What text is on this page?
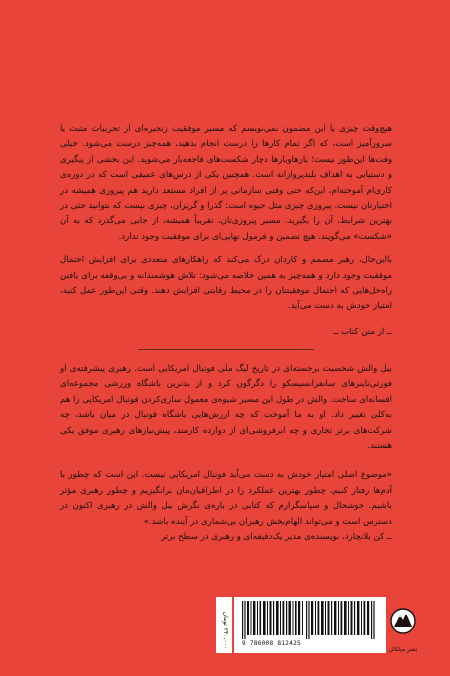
هیچ‌وقت چیزی با این مضمون نمی‌نویسم که مسیر موفقیت زنجیره‌ای از تجربیات مثبت یا سرورآمیز است، که اگر تمام کارها را درست انجام بدهید، همه‌چیز درست می‌شود. خیلی وقت‌ها این‌طور نیست؛ بارها‌وبارها دچار شکست‌های فاجعه‌بار می‌شوید. این بخشی از پیگیری و دستیابی به اهداف بلندپروازانه است. همچنین یکی از درس‌های عمیقی است که در دوره‌ی کاری‌ام آموخته‌ام، این‌که حتی وقتی سازمانی پر از افراد مستعد دارید هم پیروزی همیشه در اختیارتان نیست. پیروزی چیزی مثل جیوه است: گذرا و گریزان، چیزی نیست که بتوانید حتی در بهترین شرایط، آن را بگیرید. مسیر پیروزی‌تان، تقریباً همیشه، از جایی می‌گذرد که به آن «شکست» می‌گویند. هیچ تضمین و فرمول نهایی‌ای برای موفقیت وجود ندارد.

بااین‌حال، رهبر مصمم و کاردان درک می‌کند که راهکارهای متعددی برای افزایش احتمال موفقیت وجود دارد و همه‌چیز به همین خلاصه می‌شود: تلاش هوشمندانه و بی‌وقفه برای یافتن راه‌حل‌هایی که احتمال موفقیتتان را در محیط رقابتی افزایش دهند. وقتی این‌طور عمل کنید، امتیاز خودش به دست می‌آید.

ــ از متن کتاب ــ

بیل والش شخصیت برجسته‌ای در تاریخ لیگ ملی فوتبال امریکایی است. رهبری پیشرفته‌ی او فورتی‌ناینرهای سانفرانسیسکو را دگرگون کرد و از بدترین باشگاه ورزشی مجموعه‌ای افسانه‌ای ساخت. والش در طول این مسیر شیوه‌ی معمول سازی‌کردن فوتبال امریکایی را هم به‌کلی تغییر داد. او به ما آموخت که چه ارزش‌هایی باشگاه فوتبال در میان باشد، چه شرکت‌های برتر تجاری و چه ابرفروشی‌ای از دوازده کارمند، پیش‌نیازهای رهبری موفق یکی هستند.

«موضوع اصلی امتیاز خودش به دست می‌آید فوتبال امریکایی نیست. این است که چطور با آدم‌ها رفتار کنیم، چطور بهترین عملکرد را در اطرافیان‌مان برانگیزیم و چطور رهبری مؤثر باشیم. خوشحال و سپاسگزارم که کتابی در باره‌ی نگرش بیل والش در رهبری اکنون در دسترس است و می‌تواند الهام‌بخش رهبران بی‌شماری در آینده باشد.»

ــ کن بلانچارد، نویسنده‌ی مدیر یک‌دقیقه‌ای و رهبری در سطح برتر
۲۴۰,۰۰۰ تومان 9 786008 812425
نشر میلکان
